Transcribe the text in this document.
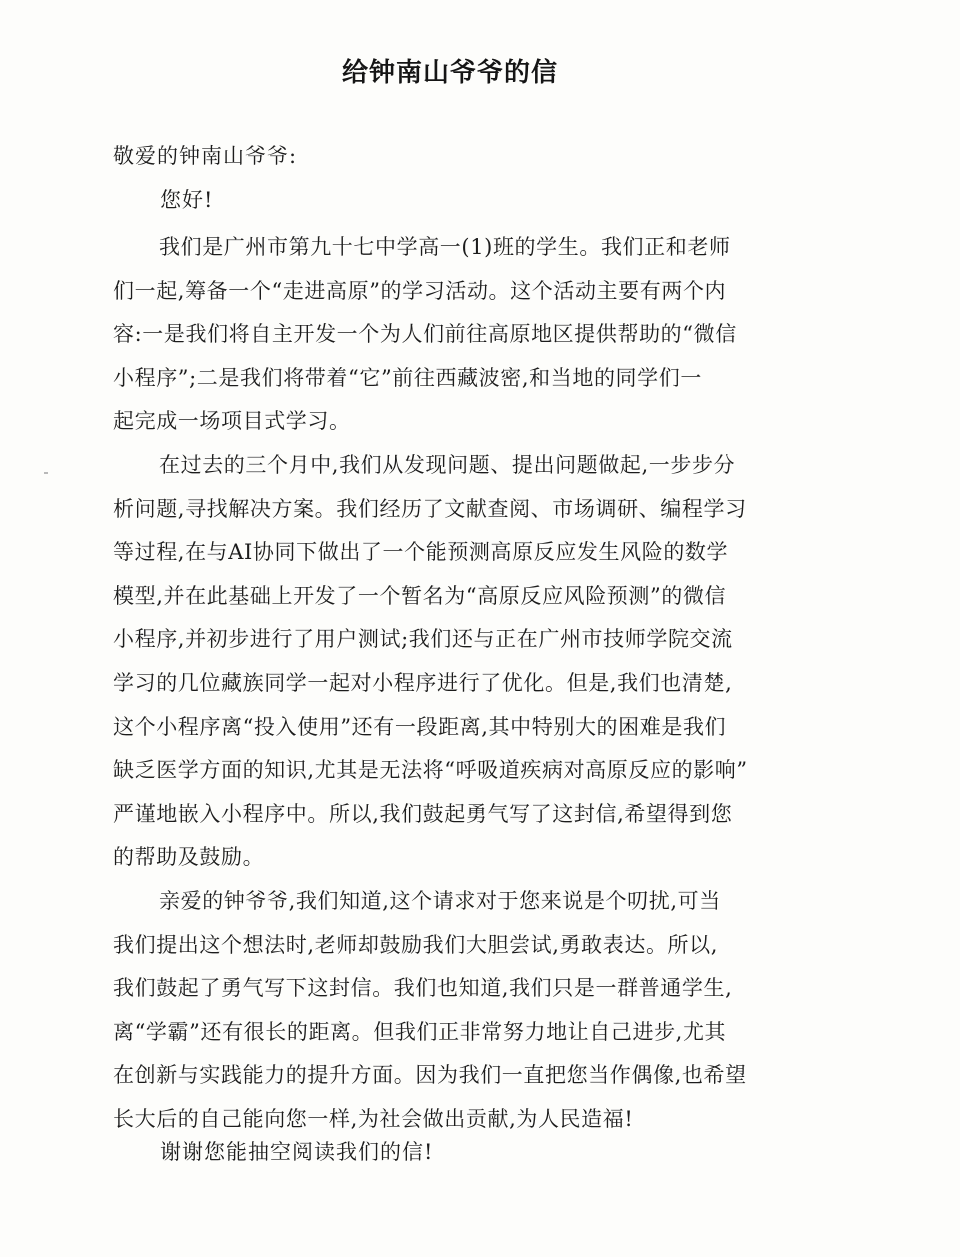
给钟南山爷爷的信
敬爱的钟南山爷爷:
您好!
我们是广州市第九十七中学高一(1)班的学生。我们正和老师
们一起,筹备一个“走进高原”的学习活动。这个活动主要有两个内
容:一是我们将自主开发一个为人们前往高原地区提供帮助的“微信
小程序”;二是我们将带着“它”前往西藏波密,和当地的同学们一
起完成一场项目式学习。
在过去的三个月中,我们从发现问题、提出问题做起,一步步分
析问题,寻找解决方案。我们经历了文献查阅、市场调研、编程学习
等过程,在与AI协同下做出了一个能预测高原反应发生风险的数学
模型,并在此基础上开发了一个暂名为“高原反应风险预测”的微信
小程序,并初步进行了用户测试;我们还与正在广州市技师学院交流
学习的几位藏族同学一起对小程序进行了优化。但是,我们也清楚,
这个小程序离“投入使用”还有一段距离,其中特别大的困难是我们
缺乏医学方面的知识,尤其是无法将“呼吸道疾病对高原反应的影响”
严谨地嵌入小程序中。所以,我们鼓起勇气写了这封信,希望得到您
的帮助及鼓励。
亲爱的钟爷爷,我们知道,这个请求对于您来说是个叨扰,可当
我们提出这个想法时,老师却鼓励我们大胆尝试,勇敢表达。所以,
我们鼓起了勇气写下这封信。我们也知道,我们只是一群普通学生,
离“学霸”还有很长的距离。但我们正非常努力地让自己进步,尤其
在创新与实践能力的提升方面。因为我们一直把您当作偶像,也希望
长大后的自己能向您一样,为社会做出贡献,为人民造福!
谢谢您能抽空阅读我们的信!
